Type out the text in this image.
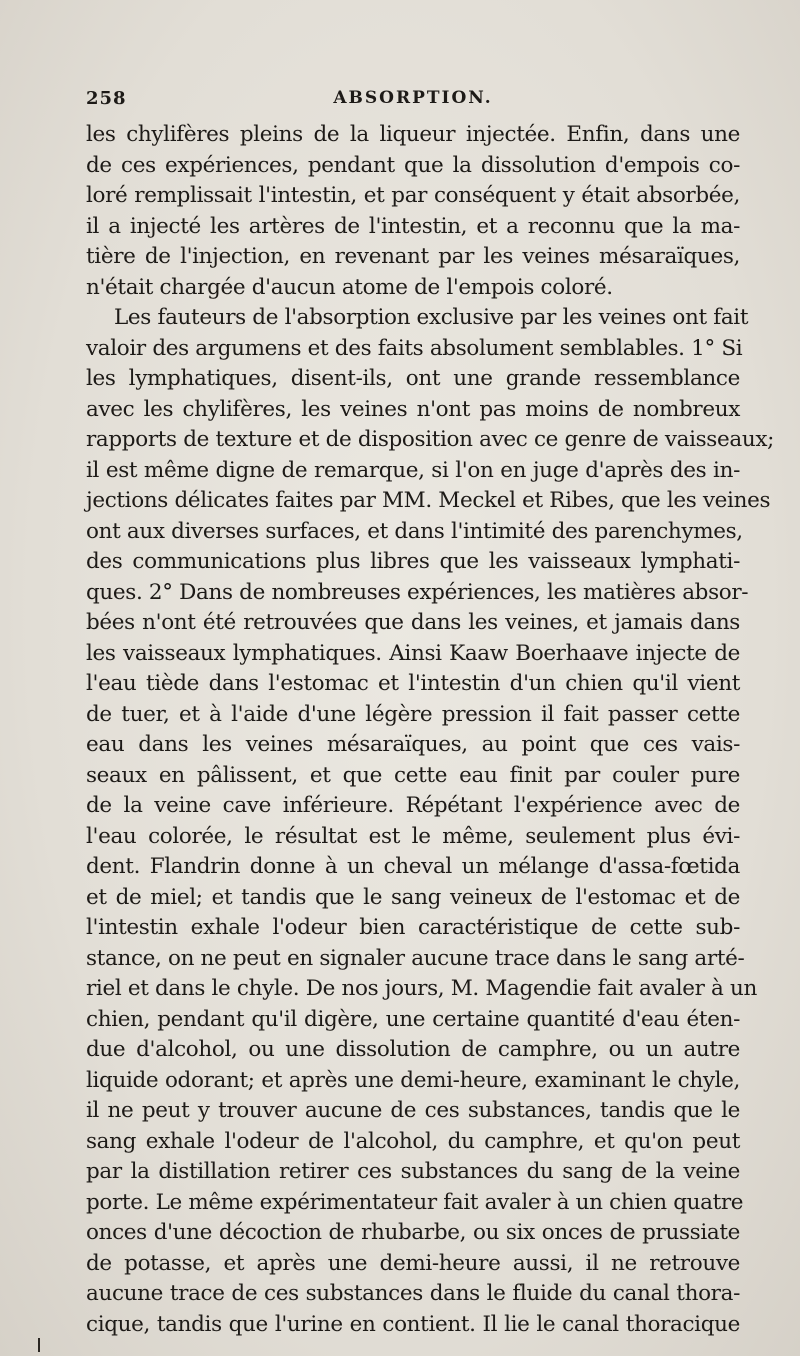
258	ABSORPTION.
les chylifères pleins de la liqueur injectée. Enfin, dans une
de ces expériences, pendant que la dissolution d'empois co-
loré remplissait l'intestin, et par conséquent y était absorbée,
il a injecté les artères de l'intestin, et a reconnu que la ma-
tière de l'injection, en revenant par les veines mésaraïques,
n'était chargée d'aucun atome de l'empois coloré.
Les fauteurs de l'absorption exclusive par les veines ont fait
valoir des argumens et des faits absolument semblables. 1° Si
les lymphatiques, disent-ils, ont une grande ressemblance
avec les chylifères, les veines n'ont pas moins de nombreux
rapports de texture et de disposition avec ce genre de vaisseaux;
il est même digne de remarque, si l'on en juge d'après des in-
jections délicates faites par MM. Meckel et Ribes, que les veines
ont aux diverses surfaces, et dans l'intimité des parenchymes,
des communications plus libres que les vaisseaux lymphati-
ques. 2° Dans de nombreuses expériences, les matières absor-
bées n'ont été retrouvées que dans les veines, et jamais dans
les vaisseaux lymphatiques. Ainsi Kaaw Boerhaave injecte de
l'eau tiède dans l'estomac et l'intestin d'un chien qu'il vient
de tuer, et à l'aide d'une légère pression il fait passer cette
eau dans les veines mésaraïques, au point que ces vais-
seaux en pâlissent, et que cette eau finit par couler pure
de la veine cave inférieure. Répétant l'expérience avec de
l'eau colorée, le résultat est le même, seulement plus évi-
dent. Flandrin donne à un cheval un mélange d'assa-fœtida
et de miel; et tandis que le sang veineux de l'estomac et de
l'intestin exhale l'odeur bien caractéristique de cette sub-
stance, on ne peut en signaler aucune trace dans le sang arté-
riel et dans le chyle. De nos jours, M. Magendie fait avaler à un
chien, pendant qu'il digère, une certaine quantité d'eau éten-
due d'alcohol, ou une dissolution de camphre, ou un autre
liquide odorant; et après une demi-heure, examinant le chyle,
il ne peut y trouver aucune de ces substances, tandis que le
sang exhale l'odeur de l'alcohol, du camphre, et qu'on peut
par la distillation retirer ces substances du sang de la veine
porte. Le même expérimentateur fait avaler à un chien quatre
onces d'une décoction de rhubarbe, ou six onces de prussiate
de potasse, et après une demi-heure aussi, il ne retrouve
aucune trace de ces substances dans le fluide du canal thora-
cique, tandis que l'urine en contient. Il lie le canal thoracique
